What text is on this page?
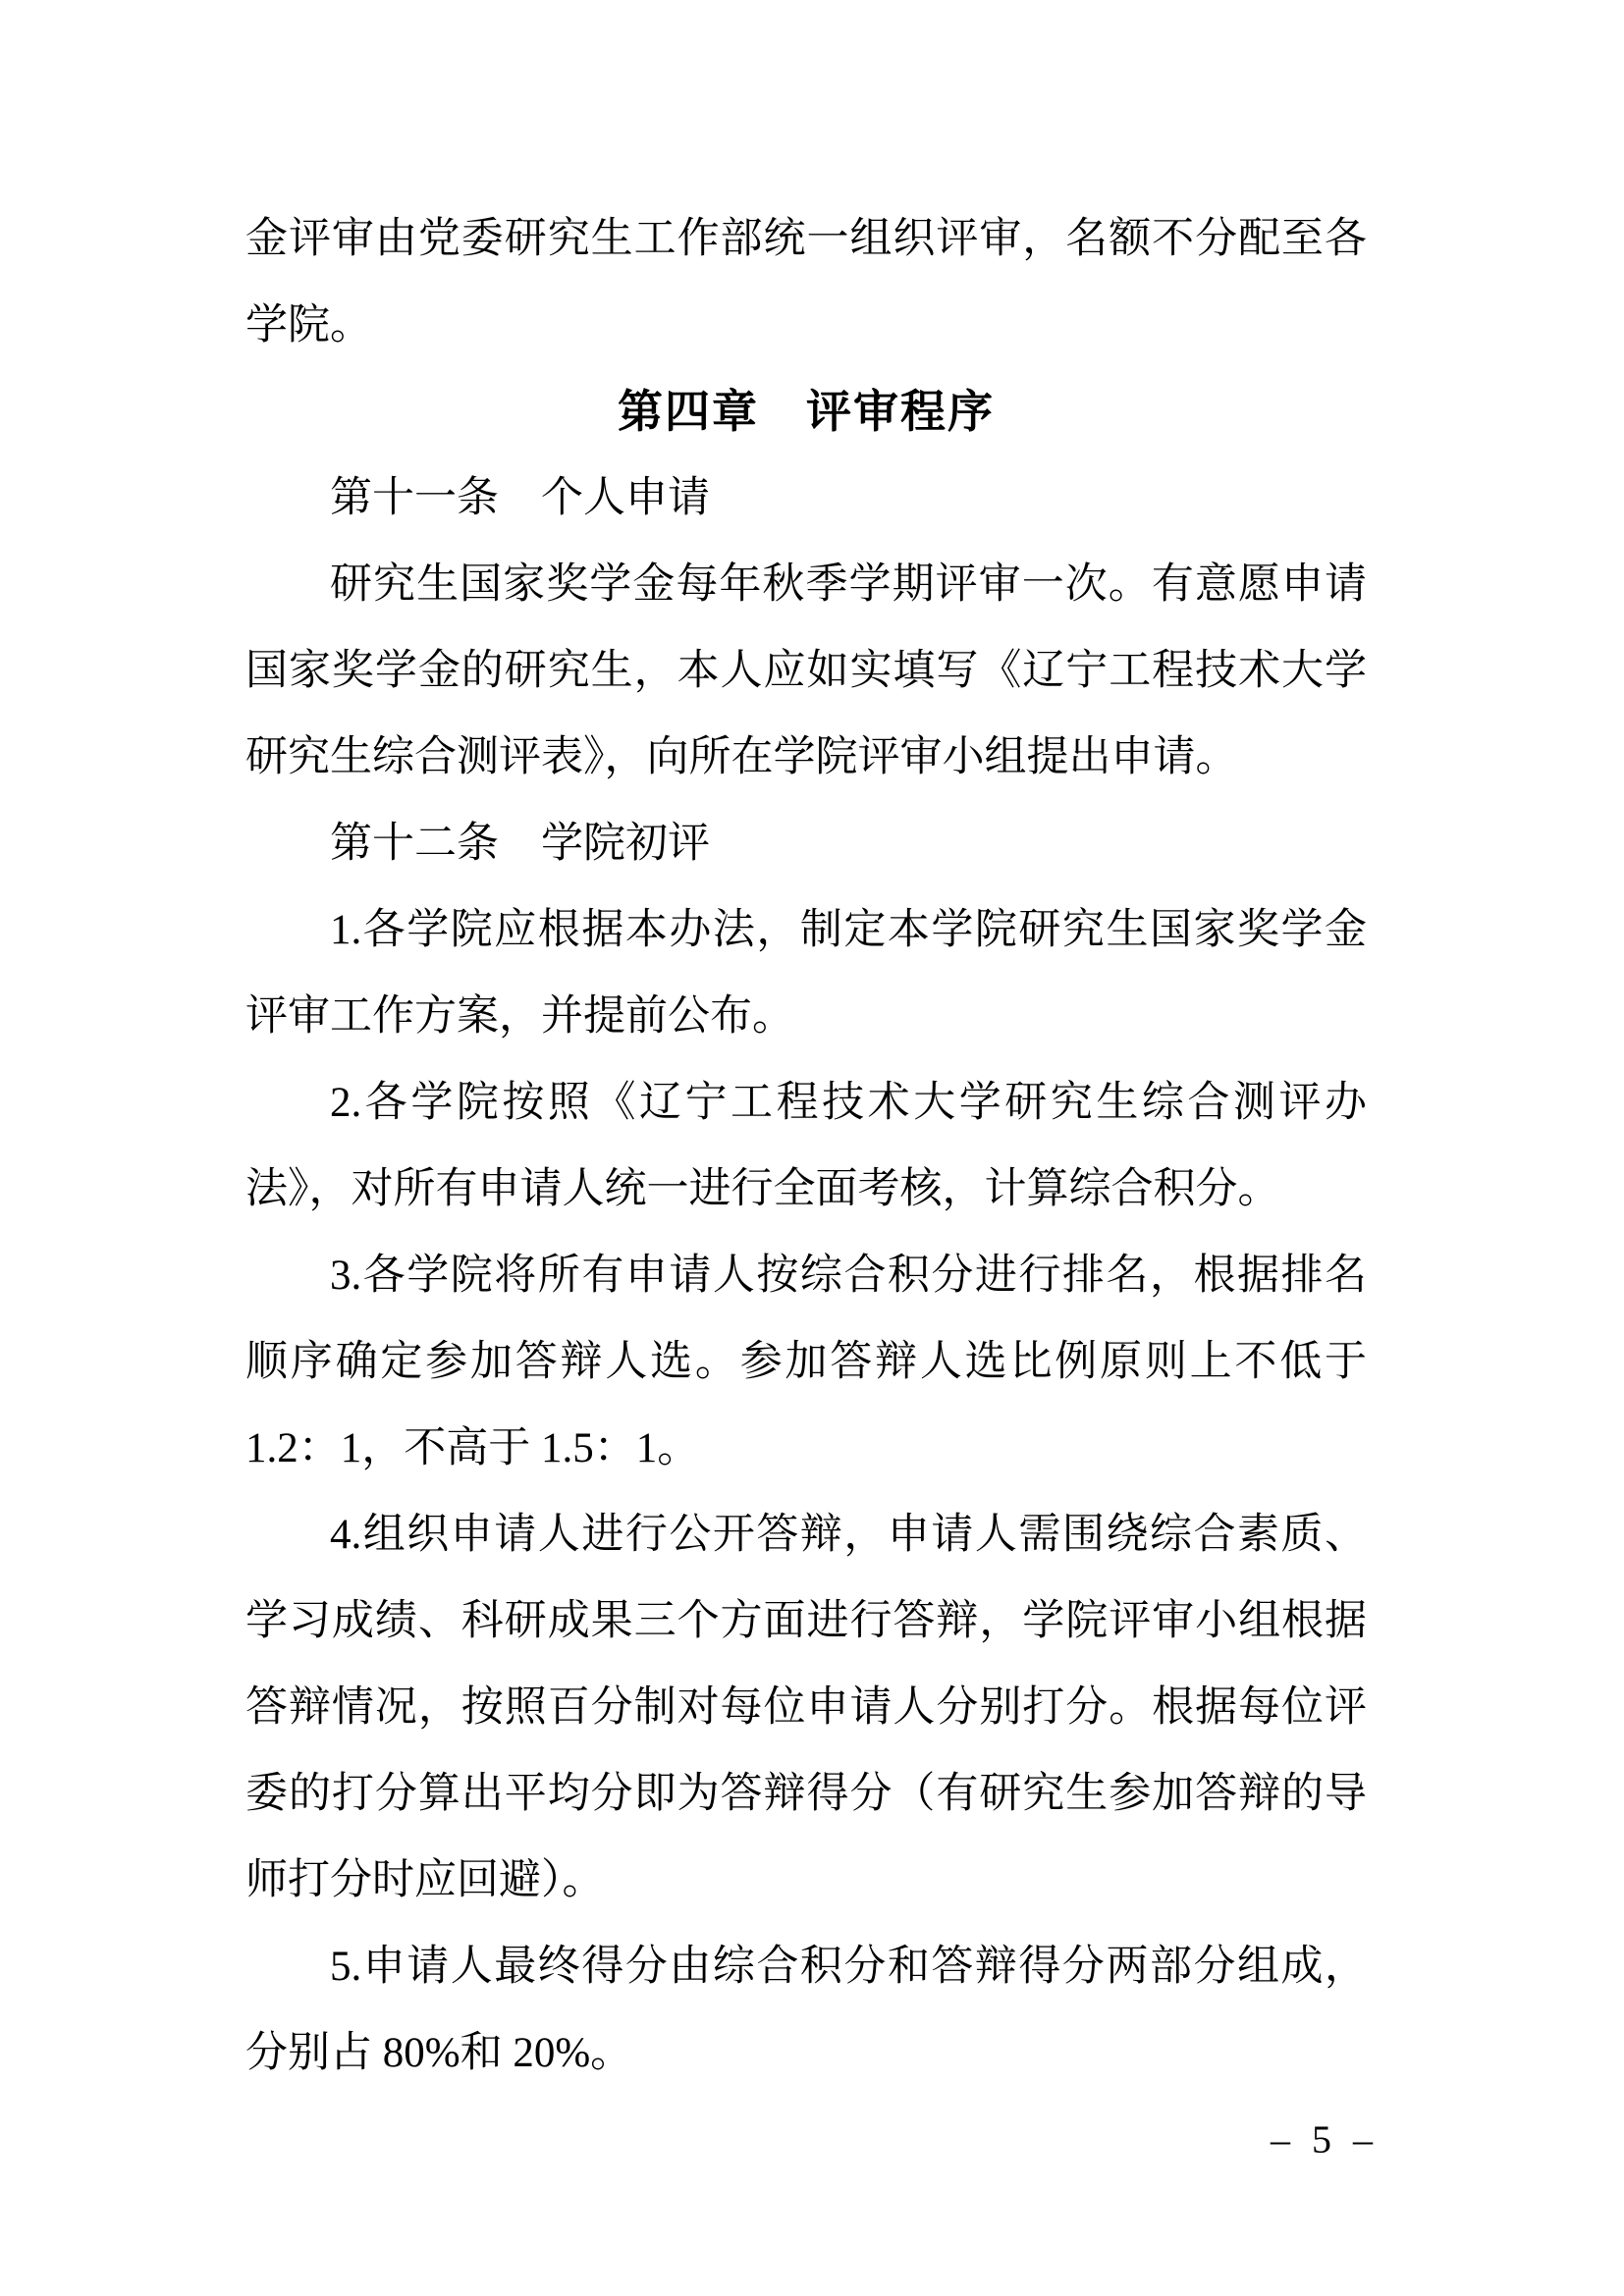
金评审由党委研究生工作部统一组织评审，名额不分配至各
学院。
第四章　评审程序
第十一条　个人申请
研究生国家奖学金每年秋季学期评审一次。有意愿申请
国家奖学金的研究生，本人应如实填写《辽宁工程技术大学
研究生综合测评表》，向所在学院评审小组提出申请。
第十二条　学院初评
1.各学院应根据本办法，制定本学院研究生国家奖学金
评审工作方案，并提前公布。
2.各学院按照《辽宁工程技术大学研究生综合测评办
法》，对所有申请人统一进行全面考核，计算综合积分。
3.各学院将所有申请人按综合积分进行排名，根据排名
顺序确定参加答辩人选。参加答辩人选比例原则上不低于
1.2：1，不高于 1.5：1。
4.组织申请人进行公开答辩，申请人需围绕综合素质、
学习成绩、科研成果三个方面进行答辩，学院评审小组根据
答辩情况，按照百分制对每位申请人分别打分。根据每位评
委的打分算出平均分即为答辩得分（有研究生参加答辩的导
师打分时应回避）。
5.申请人最终得分由综合积分和答辩得分两部分组成，
分别占 80%和 20%。
– 5 –
